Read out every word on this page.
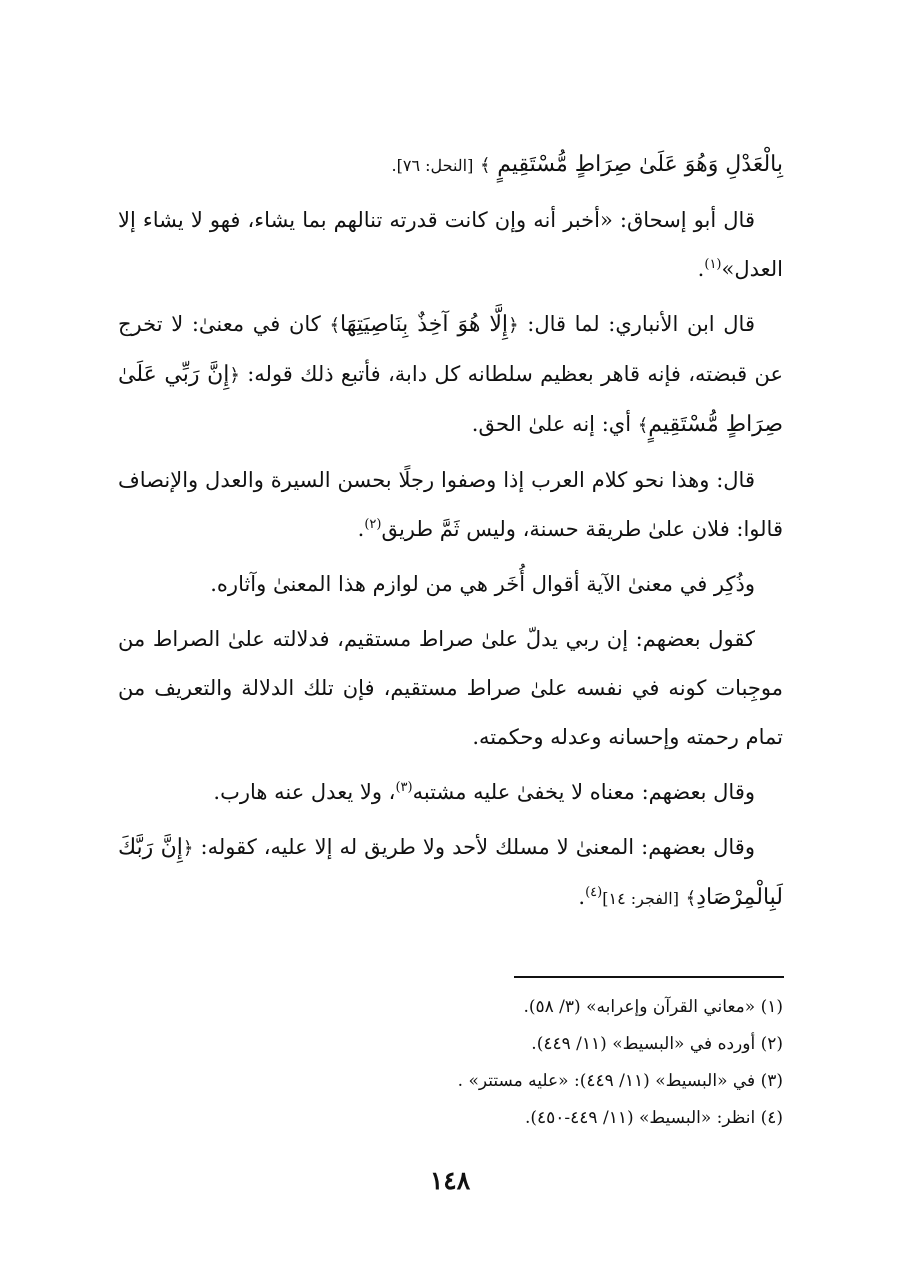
بِالْعَدْلِ وَهُوَ عَلَىٰ صِرَاطٍ مُّسْتَقِيمٍ ﴾ [النحل: ٧٦].

قال أبو إسحاق: «أخبر أنه وإن كانت قدرته تنالهم بما يشاء، فهو لا يشاء إلا العدل»$^{(١)}$.

قال ابن الأنباري: لما قال: ﴿إِلَّا هُوَ آخِذٌ بِنَاصِيَتِهَا﴾ كان في معنىٰ: لا تخرج عن قبضته، فإنه قاهر بعظيم سلطانه كل دابة، فأتبع ذلك قوله: ﴿إِنَّ رَبِّي عَلَىٰ صِرَاطٍ مُّسْتَقِيمٍ﴾ أي: إنه علىٰ الحق.

قال: وهذا نحو كلام العرب إذا وصفوا رجلًا بحسن السيرة والعدل والإنصاف قالوا: فلان علىٰ طريقة حسنة، وليس ثَمَّ طريق$^{(٢)}$.

وذُكِر في معنىٰ الآية أقوال أُخَر هي من لوازم هذا المعنىٰ وآثاره.

كقول بعضهم: إن ربي يدلّ علىٰ صراط مستقيم، فدلالته علىٰ الصراط من موجِبات كونه في نفسه علىٰ صراط مستقيم، فإن تلك الدلالة والتعريف من تمام رحمته وإحسانه وعدله وحكمته.

وقال بعضهم: معناه لا يخفىٰ عليه مشتبه$^{(٣)}$، ولا يعدل عنه هارب.

وقال بعضهم: المعنىٰ لا مسلك لأحد ولا طريق له إلا عليه، كقوله: ﴿إِنَّ رَبَّكَ لَبِالْمِرْصَادِ﴾ [الفجر: ١٤]$^{(٤)}$.

(١) «معاني القرآن وإعرابه» (٣/ ٥٨).

(٢) أورده في «البسيط» (١١/ ٤٤٩).

(٣) في «البسيط» (١١/ ٤٤٩): «عليه مستتر» .

(٤) انظر: «البسيط» (١١/ ٤٤٩-٤٥٠).

١٤٨
